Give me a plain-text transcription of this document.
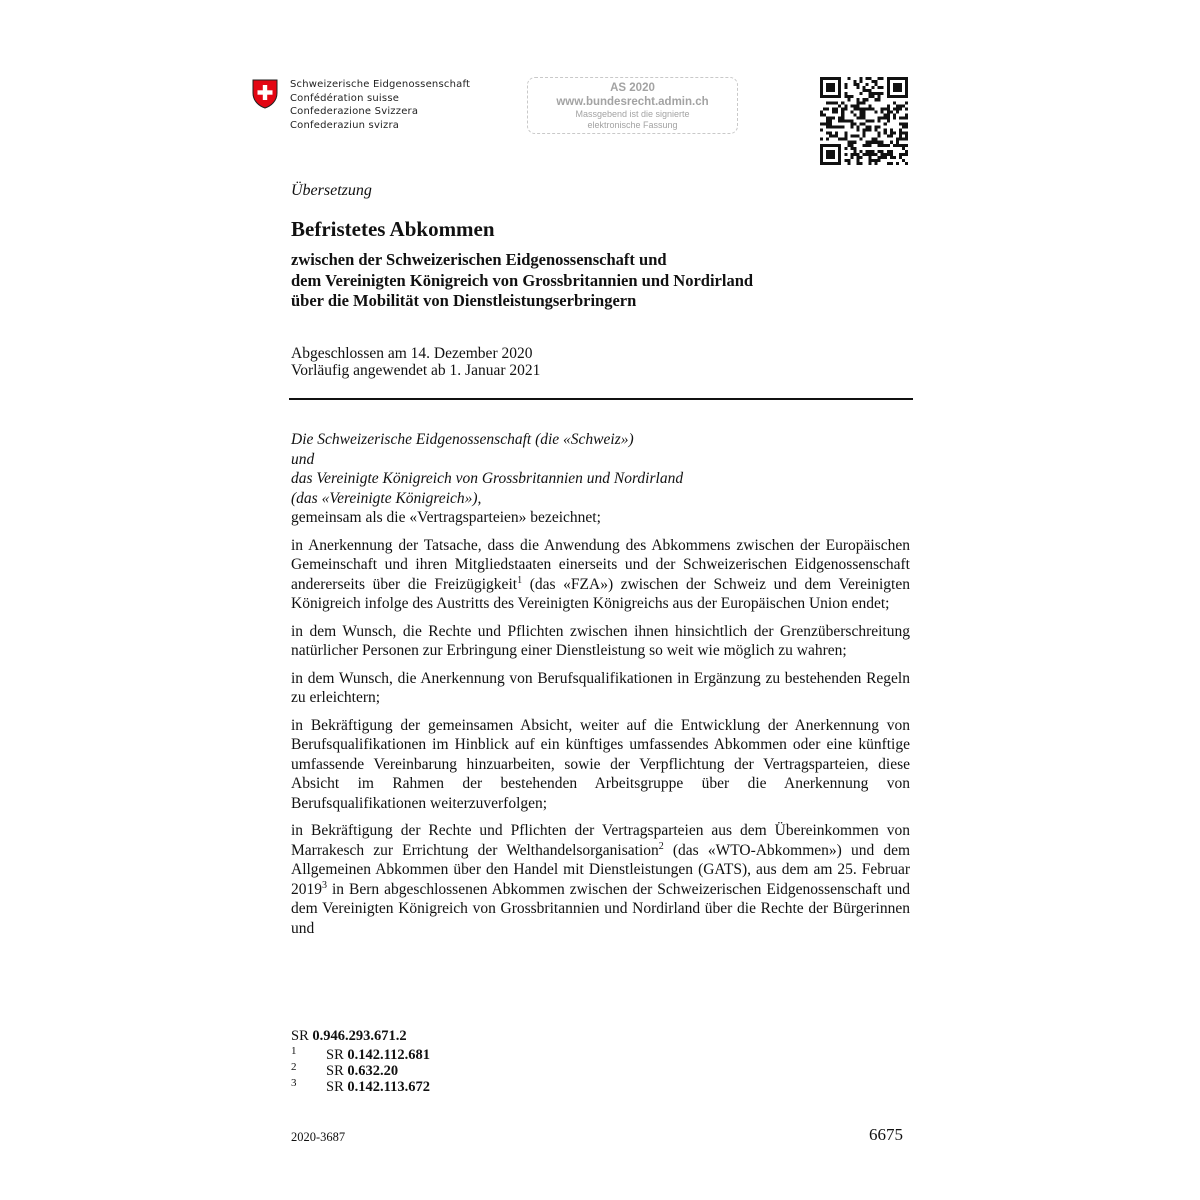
Schweizerische Eidgenossenschaft
Confédération suisse
Confederazione Svizzera
Confederaziun svizra
AS 2020
www.bundesrecht.admin.ch
Massgebend ist die signierte
elektronische Fassung
Übersetzung
Befristetes Abkommen
zwischen der Schweizerischen Eidgenossenschaft und
dem Vereinigten Königreich von Grossbritannien und Nordirland
über die Mobilität von Dienstleistungserbringern
Abgeschlossen am 14. Dezember 2020
Vorläufig angewendet ab 1. Januar 2021
Die Schweizerische Eidgenossenschaft (die «Schweiz»)
und
das Vereinigte Königreich von Grossbritannien und Nordirland
(das «Vereinigte Königreich»),
gemeinsam als die «Vertragsparteien» bezeichnet;

in Anerkennung der Tatsache, dass die Anwendung des Abkommens zwischen der Europäischen Gemeinschaft und ihren Mitgliedstaaten einerseits und der Schweizerischen Eidgenossenschaft andererseits über die Freizügigkeit$^1$ (das «FZA») zwischen der Schweiz und dem Vereinigten Königreich infolge des Austritts des Vereinigten Königreichs aus der Europäischen Union endet;

in dem Wunsch, die Rechte und Pflichten zwischen ihnen hinsichtlich der Grenzüberschreitung natürlicher Personen zur Erbringung einer Dienstleistung so weit wie möglich zu wahren;

in dem Wunsch, die Anerkennung von Berufsqualifikationen in Ergänzung zu bestehenden Regeln zu erleichtern;

in Bekräftigung der gemeinsamen Absicht, weiter auf die Entwicklung der Anerkennung von Berufsqualifikationen im Hinblick auf ein künftiges umfassendes Abkommen oder eine künftige umfassende Vereinbarung hinzuarbeiten, sowie der Verpflichtung der Vertragsparteien, diese Absicht im Rahmen der bestehenden Arbeitsgruppe über die Anerkennung von Berufsqualifikationen weiterzuverfolgen;

in Bekräftigung der Rechte und Pflichten der Vertragsparteien aus dem Übereinkommen von Marrakesch zur Errichtung der Welthandelsorganisation$^2$ (das «WTO-Abkommen») und dem Allgemeinen Abkommen über den Handel mit Dienstleistungen (GATS), aus dem am 25. Februar 2019$^3$ in Bern abgeschlossenen Abkommen zwischen der Schweizerischen Eidgenossenschaft und dem Vereinigten Königreich von Grossbritannien und Nordirland über die Rechte der Bürgerinnen und

SR 0.946.293.671.2
1 SR 0.142.112.681
2 SR 0.632.20
3 SR 0.142.113.672
2020-3687	6675
